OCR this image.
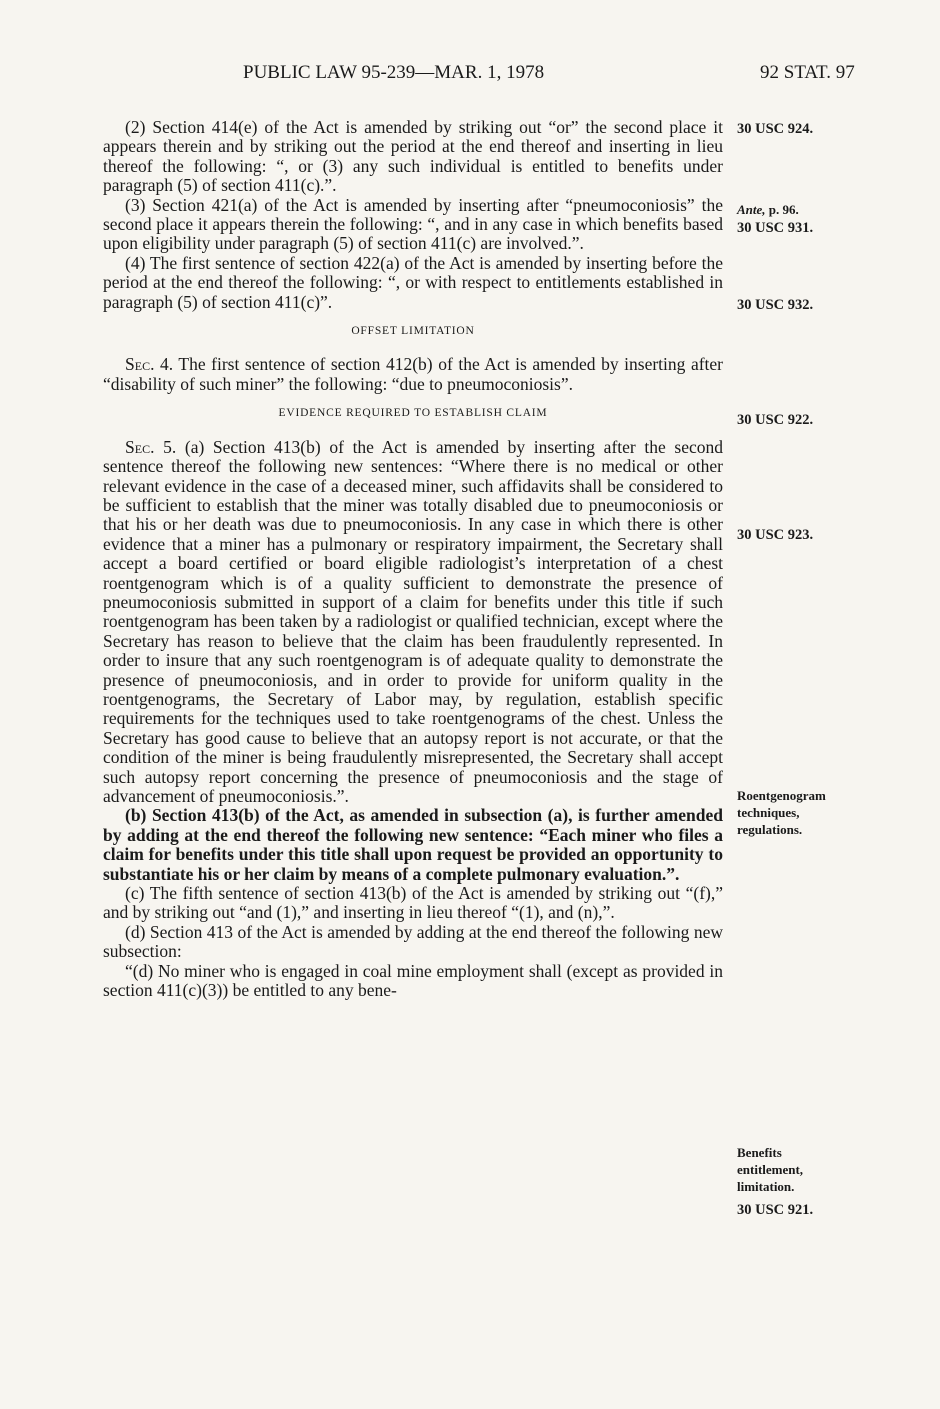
PUBLIC LAW 95-239—MAR. 1, 1978	92 STAT. 97

(2) Section 414(e) of the Act is amended by striking out “or” the second place it appears therein and by striking out the period at the end thereof and inserting in lieu thereof the following: “, or (3) any such individual is entitled to benefits under paragraph (5) of section 411(c).”.

(3) Section 421(a) of the Act is amended by inserting after “pneumoconiosis” the second place it appears therein the following: “, and in any case in which benefits based upon eligibility under paragraph (5) of section 411(c) are involved.”.

(4) The first sentence of section 422(a) of the Act is amended by inserting before the period at the end thereof the following: “, or with respect to entitlements established in paragraph (5) of section 411(c)”.

OFFSET LIMITATION

Sec. 4. The first sentence of section 412(b) of the Act is amended by inserting after “disability of such miner” the following: “due to pneumoconiosis”.

EVIDENCE REQUIRED TO ESTABLISH CLAIM

Sec. 5. (a) Section 413(b) of the Act is amended by inserting after the second sentence thereof the following new sentences: “Where there is no medical or other relevant evidence in the case of a deceased miner, such affidavits shall be considered to be sufficient to establish that the miner was totally disabled due to pneumoconiosis or that his or her death was due to pneumoconiosis. In any case in which there is other evidence that a miner has a pulmonary or respiratory impairment, the Secretary shall accept a board certified or board eligible radiologist’s interpretation of a chest roentgenogram which is of a quality sufficient to demonstrate the presence of pneumoconiosis submitted in support of a claim for benefits under this title if such roentgenogram has been taken by a radiologist or qualified technician, except where the Secretary has reason to believe that the claim has been fraudulently represented. In order to insure that any such roentgenogram is of adequate quality to demonstrate the presence of pneumoconiosis, and in order to provide for uniform quality in the roentgenograms, the Secretary of Labor may, by regulation, establish specific requirements for the techniques used to take roentgenograms of the chest. Unless the Secretary has good cause to believe that an autopsy report is not accurate, or that the condition of the miner is being fraudulently misrepresented, the Secretary shall accept such autopsy report concerning the presence of pneumoconiosis and the stage of advancement of pneumoconiosis.”.

(b) Section 413(b) of the Act, as amended in subsection (a), is further amended by adding at the end thereof the following new sentence: “Each miner who files a claim for benefits under this title shall upon request be provided an opportunity to substantiate his or her claim by means of a complete pulmonary evaluation.”.

(c) The fifth sentence of section 413(b) of the Act is amended by striking out “(f),” and by striking out “and (1),” and inserting in lieu thereof “(1), and (n),”.

(d) Section 413 of the Act is amended by adding at the end thereof the following new subsection:

“(d) No miner who is engaged in coal mine employment shall (except as provided in section 411(c)(3)) be entitled to any bene-

30 USC 924.
Ante, p. 96.
30 USC 931.
30 USC 932.
30 USC 922.
30 USC 923.
Roentgenogram
techniques,
regulations.
Benefits
entitlement,
limitation.
30 USC 921.
